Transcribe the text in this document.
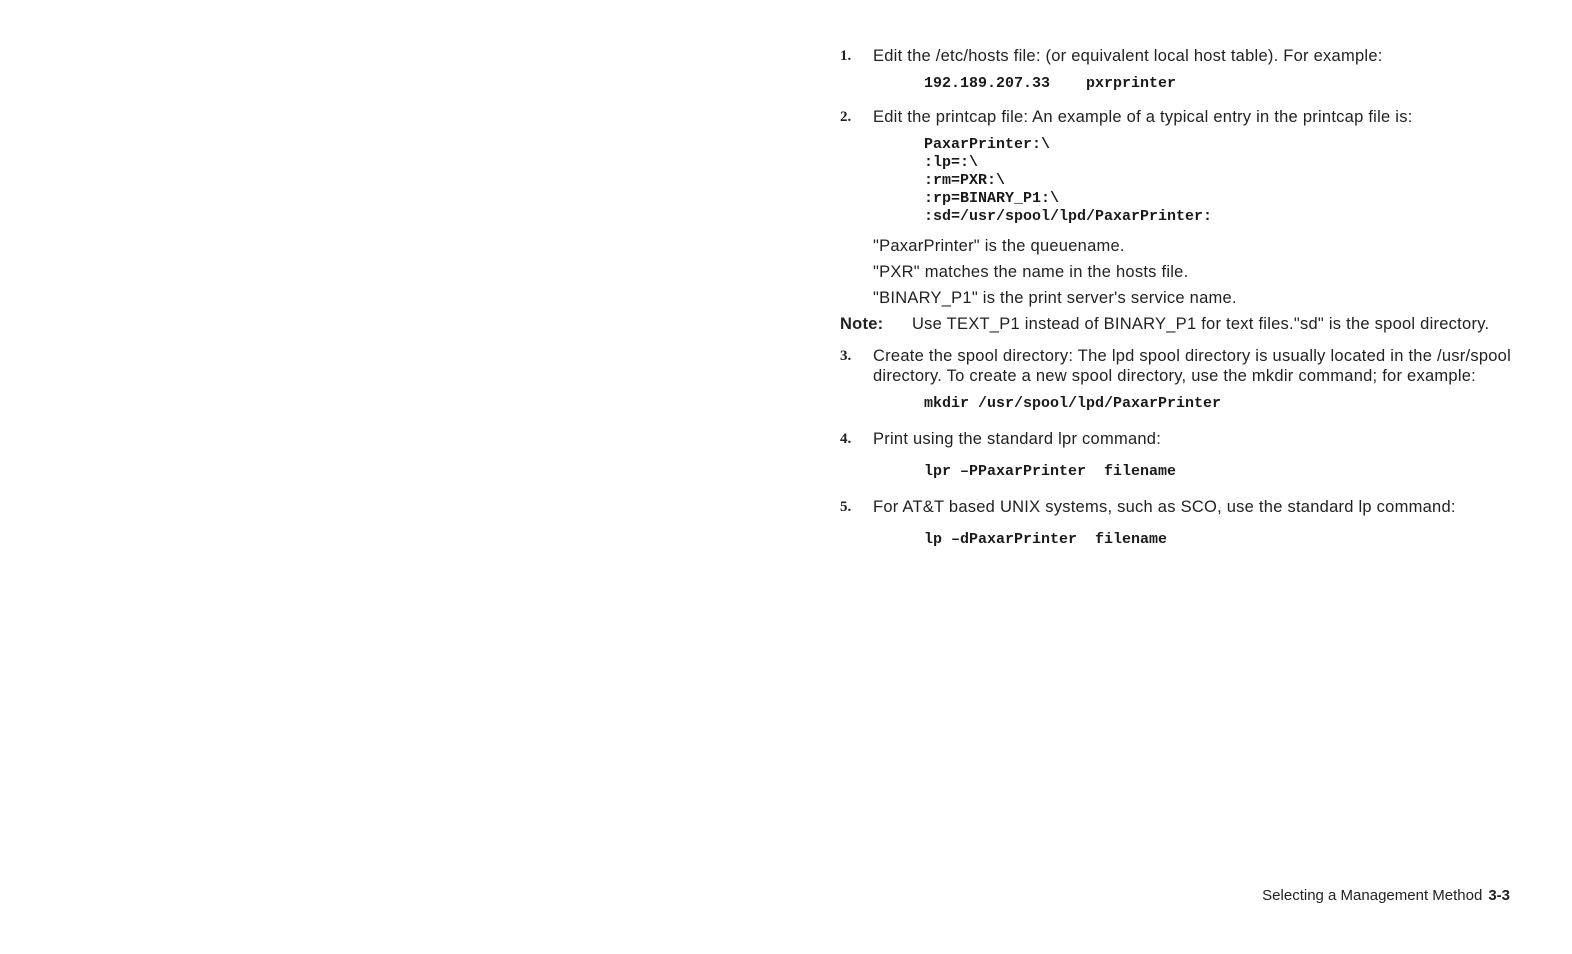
1. Edit the /etc/hosts file: (or equivalent local host table). For example:
192.189.207.33    pxrprinter
2. Edit the printcap file: An example of a typical entry in the printcap file is:
PaxarPrinter:\
:lp=:\
:rm=PXR:\
:rp=BINARY_P1:\
:sd=/usr/spool/lpd/PaxarPrinter:
"PaxarPrinter" is the queuename.
"PXR" matches the name in the hosts file.
"BINARY_P1" is the print server's service name.
Note: Use TEXT_P1 instead of BINARY_P1 for text files."sd" is the spool directory.
3. Create the spool directory: The lpd spool directory is usually located in the /usr/spool directory. To create a new spool directory, use the mkdir command; for example:
mkdir /usr/spool/lpd/PaxarPrinter
4. Print using the standard lpr command:
lpr –PPaxarPrinter  filename
5. For AT&T based UNIX systems, such as SCO, use the standard lp command:
lp –dPaxarPrinter  filename
Selecting a Management Method 3-3
